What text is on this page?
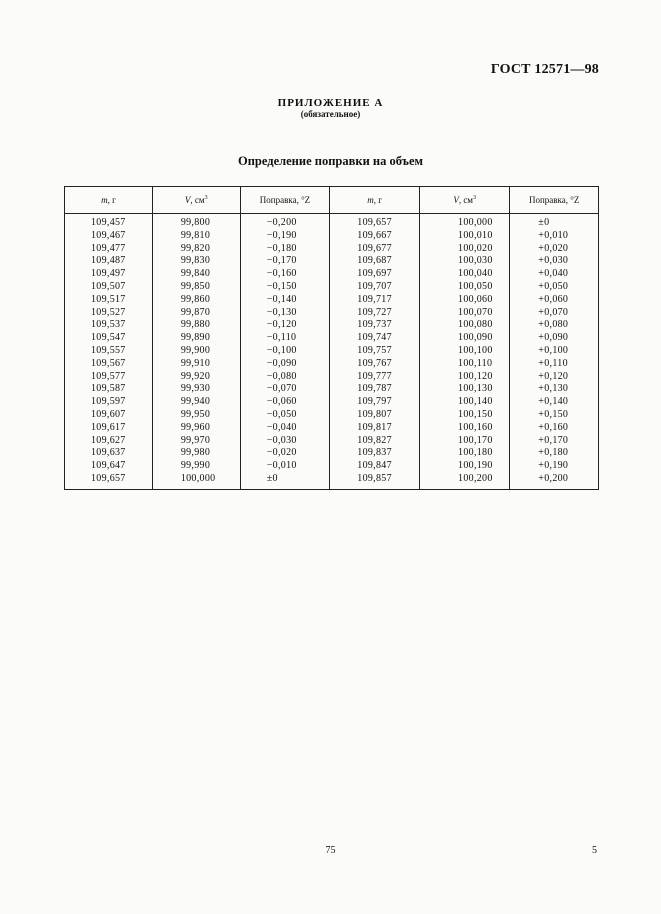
ГОСТ 12571—98
ПРИЛОЖЕНИЕ А
(обязательное)
Определение поправки на объем
m, г	V, $см^3$	Поправка, °Z	m, г	V, $см^3$	Поправка, °Z
109,457	99,800	−0,200	109,657	100,000	±0
109,467	99,810	−0,190	109,667	100,010	+0,010
109,477	99,820	−0,180	109,677	100,020	+0,020
109,487	99,830	−0,170	109,687	100,030	+0,030
109,497	99,840	−0,160	109,697	100,040	+0,040
109,507	99,850	−0,150	109,707	100,050	+0,050
109,517	99,860	−0,140	109,717	100,060	+0,060
109,527	99,870	−0,130	109,727	100,070	+0,070
109,537	99,880	−0,120	109,737	100,080	+0,080
109,547	99,890	−0,110	109,747	100,090	+0,090
109,557	99,900	−0,100	109,757	100,100	+0,100
109,567	99,910	−0,090	109,767	100,110	+0,110
109,577	99,920	−0,080	109,777	100,120	+0,120
109,587	99,930	−0,070	109,787	100,130	+0,130
109,597	99,940	−0,060	109,797	100,140	+0,140
109,607	99,950	−0,050	109,807	100,150	+0,150
109,617	99,960	−0,040	109,817	100,160	+0,160
109,627	99,970	−0,030	109,827	100,170	+0,170
109,637	99,980	−0,020	109,837	100,180	+0,180
109,647	99,990	−0,010	109,847	100,190	+0,190
109,657	100,000	±0	109,857	100,200	+0,200
75	5
